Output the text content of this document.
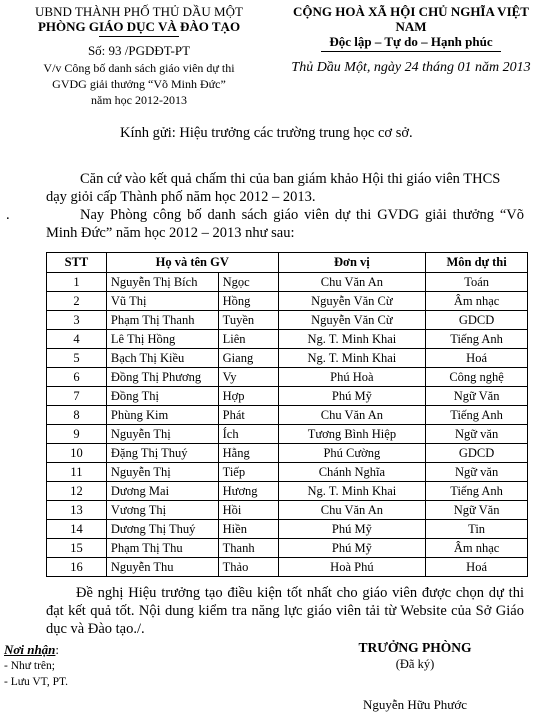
UBND THÀNH PHỐ THỦ DẦU MỘT
PHÒNG GIÁO DỤC VÀ ĐÀO TẠO
Số: 93 /PGDĐT-PT
V/v Công bố danh sách giáo viên dự thi
GVDG giải thưởng “Võ Minh Đức”
năm học 2012-2013
CỘNG HOÀ XÃ HỘI CHỦ NGHĨA VIỆT NAM
Độc lập – Tự do – Hạnh phúc
Thủ Dầu Một, ngày 24 tháng 01 năm 2013
Kính gửi: Hiệu trưởng các trường trung học cơ sở.
Căn cứ vào kết quả chấm thi của ban giám khảo Hội thi giáo viên THCS dạy giỏi cấp Thành phố năm học 2012 – 2013.
.	Nay Phòng công bố danh sách giáo viên dự thi GVDG giải thưởng “Võ Minh Đức” năm học 2012 – 2013 như sau:
STT	Họ và tên GV		Đơn vị	Môn dự thi
1	Nguyễn Thị Bích	Ngọc	Chu Văn An	Toán
2	Vũ Thị	Hồng	Nguyễn Văn Cừ	Âm nhạc
3	Phạm Thị Thanh	Tuyền	Nguyễn Văn Cừ	GDCD
4	Lê Thị Hồng	Liên	Ng. T. Minh Khai	Tiếng Anh
5	Bạch Thị Kiều	Giang	Ng. T. Minh Khai	Hoá
6	Đồng Thị Phương	Vy	Phú Hoà	Công nghệ
7	Đồng Thị	Hợp	Phú Mỹ	Ngữ Văn
8	Phùng Kim	Phát	Chu Văn An	Tiếng Anh
9	Nguyễn Thị	Ích	Tương Bình Hiệp	Ngữ văn
10	Đặng Thị Thuý	Hằng	Phú Cường	GDCD
11	Nguyễn Thị	Tiếp	Chánh Nghĩa	Ngữ văn
12	Dương Mai	Hương	Ng. T. Minh Khai	Tiếng Anh
13	Vương Thị	Hồi	Chu Văn An	Ngữ Văn
14	Dương Thị Thuý	Hiền	Phú Mỹ	Tin
15	Phạm Thị Thu	Thanh	Phú Mỹ	Âm nhạc
16	Nguyễn Thu	Thảo	Hoà Phú	Hoá
Đề nghị Hiệu trưởng tạo điều kiện tốt nhất cho giáo viên được chọn dự thi đạt kết quả tốt. Nội dung kiểm tra năng lực giáo viên tải từ Website của Sở Giáo dục và Đào tạo./.
Nơi nhận:
- Như trên;
- Lưu VT, PT.
TRƯỞNG PHÒNG
(Đã ký)
Nguyễn Hữu Phước
